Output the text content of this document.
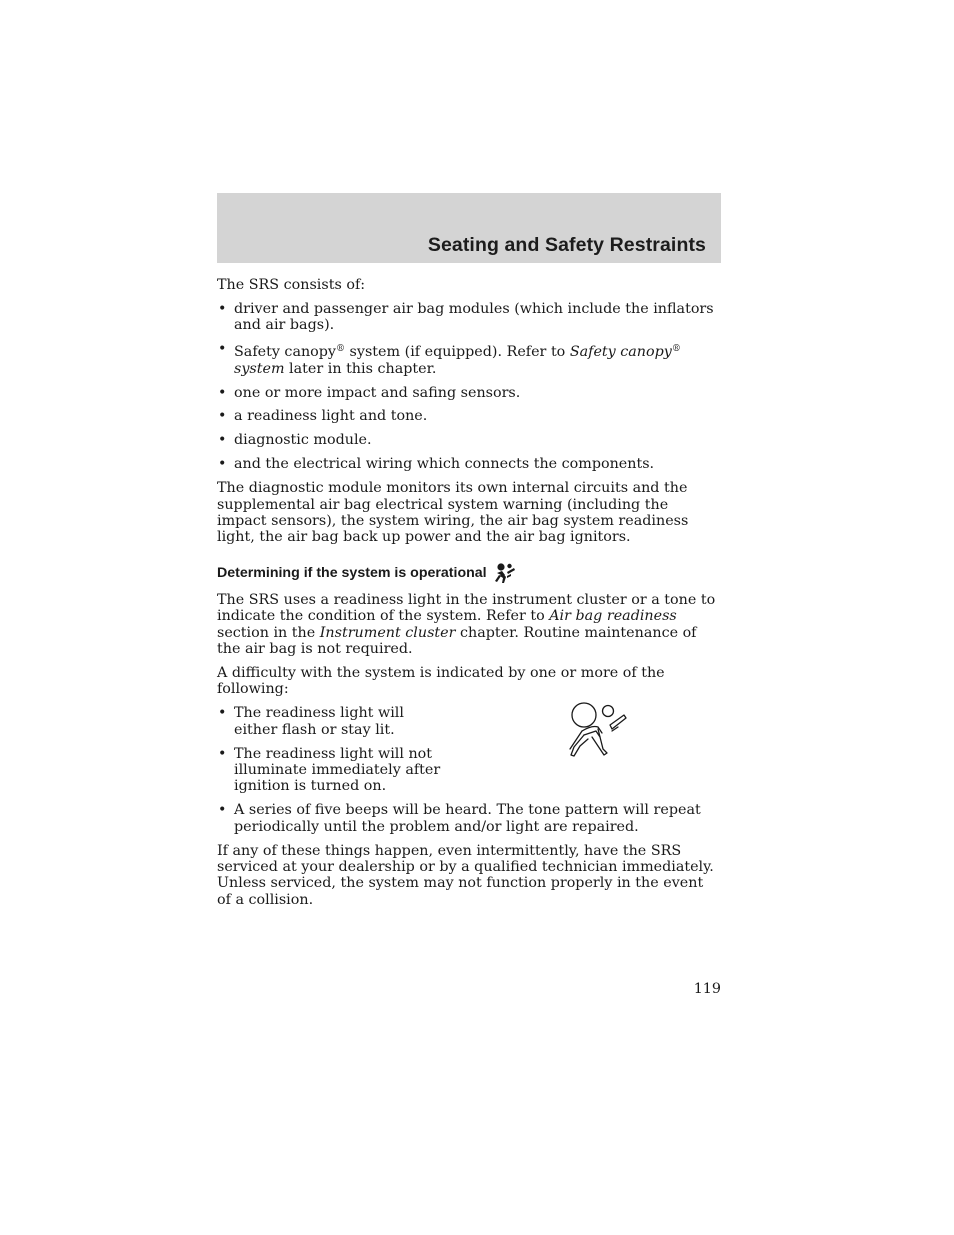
Seating and Safety Restraints

The SRS consists of:

• driver and passenger air bag modules (which include the inflators and air bags).
• Safety canopy® system (if equipped). Refer to Safety canopy®
system later in this chapter.
• one or more impact and safing sensors.
• a readiness light and tone.
• diagnostic module.
• and the electrical wiring which connects the components.

The diagnostic module monitors its own internal circuits and the supplemental air bag electrical system warning (including the impact sensors), the system wiring, the air bag system readiness light, the air bag back up power and the air bag ignitors.

Determining if the system is operational

The SRS uses a readiness light in the instrument cluster or a tone to indicate the condition of the system. Refer to Air bag readiness section in the Instrument cluster chapter. Routine maintenance of the air bag is not required.

A difficulty with the system is indicated by one or more of the following:

• The readiness light will either flash or stay lit.
• The readiness light will not illuminate immediately after ignition is turned on.
• A series of five beeps will be heard. The tone pattern will repeat periodically until the problem and/or light are repaired.

If any of these things happen, even intermittently, have the SRS serviced at your dealership or by a qualified technician immediately. Unless serviced, the system may not function properly in the event of a collision.

119
